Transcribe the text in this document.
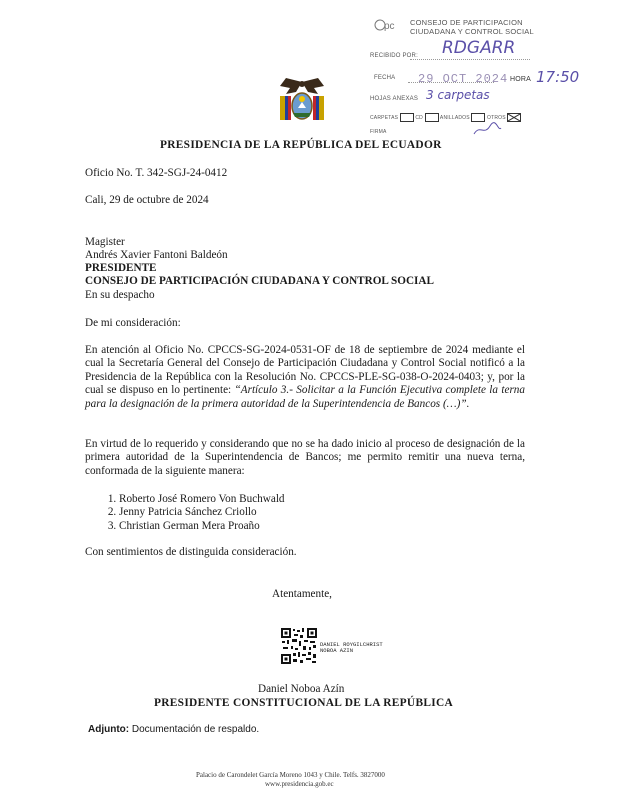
pc CONSEJO DE PARTICIPACION
CIUDADANA Y CONTROL SOCIAL
RECIBIDO POR: RDGARR
FECHA 29 OCT 2024 HORA 17:50
HOJAS ANEXAS 3 carpetas
CARPETAS	CD	ANILLADOS	OTROS
FIRMA
PRESIDENCIA DE LA REPÚBLICA DEL ECUADOR
Oficio No. T. 342-SGJ-24-0412
Cali, 29 de octubre de 2024
Magister
Andrés Xavier Fantoni Baldeón
PRESIDENTE
CONSEJO DE PARTICIPACIÓN CIUDADANA Y CONTROL SOCIAL
En su despacho
De mi consideración:
En atención al Oficio No. CPCCS-SG-2024-0531-OF de 18 de septiembre de 2024 mediante el cual la Secretaría General del Consejo de Participación Ciudadana y Control Social notificó a la Presidencia de la República con la Resolución No. CPCCS-PLE-SG-038-O-2024-0403; y, por la cual se dispuso en lo pertinente: “Artículo 3.- Solicitar a la Función Ejecutiva complete la terna para la designación de la primera autoridad de la Superintendencia de Bancos (…)”.
En virtud de lo requerido y considerando que no se ha dado inicio al proceso de designación de la primera autoridad de la Superintendencia de Bancos; me permito remitir una nueva terna, conformada de la siguiente manera:
1. Roberto José Romero Von Buchwald
2. Jenny Patricia Sánchez Criollo
3. Christian German Mera Proaño
Con sentimientos de distinguida consideración.
Atentamente,
DANIEL ROYGILCHRIST
NOBOA AZIN
Daniel Noboa Azín
PRESIDENTE CONSTITUCIONAL DE LA REPÚBLICA
Adjunto: Documentación de respaldo.
Palacio de Carondelet García Moreno 1043 y Chile. Telfs. 3827000
www.presidencia.gob.ec
